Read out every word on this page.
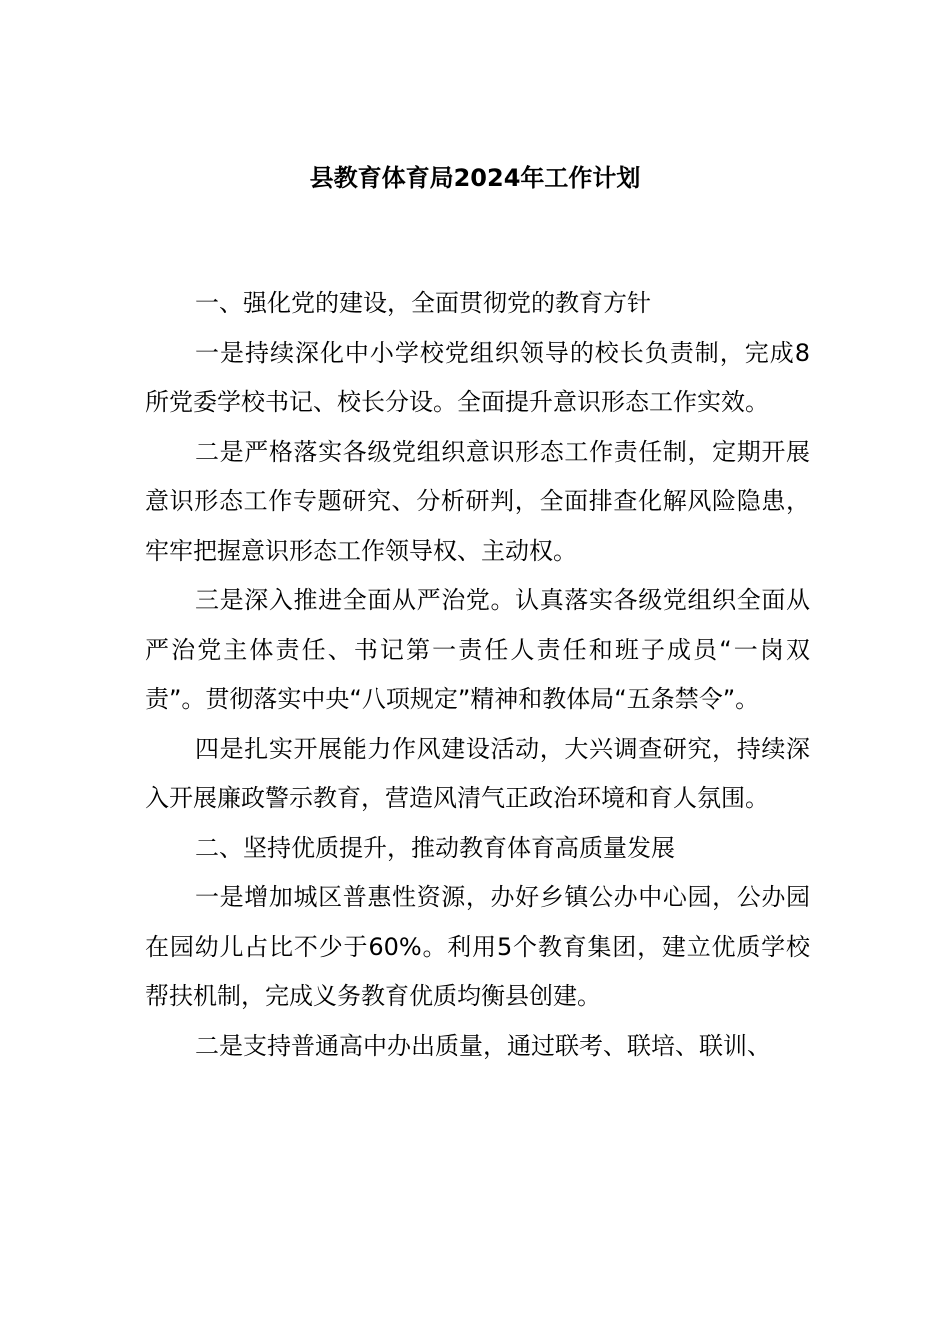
县教育体育局2024年工作计划

一、强化党的建设，全面贯彻党的教育方针

一是持续深化中小学校党组织领导的校长负责制，完成8所党委学校书记、校长分设。全面提升意识形态工作实效。

二是严格落实各级党组织意识形态工作责任制，定期开展意识形态工作专题研究、分析研判，全面排查化解风险隐患，牢牢把握意识形态工作领导权、主动权。

三是深入推进全面从严治党。认真落实各级党组织全面从严治党主体责任、书记第一责任人责任和班子成员“一岗双责”。贯彻落实中央“八项规定”精神和教体局“五条禁令”。

四是扎实开展能力作风建设活动，大兴调查研究，持续深入开展廉政警示教育，营造风清气正政治环境和育人氛围。

二、坚持优质提升，推动教育体育高质量发展

一是增加城区普惠性资源，办好乡镇公办中心园，公办园在园幼儿占比不少于60%。利用5个教育集团，建立优质学校帮扶机制，完成义务教育优质均衡县创建。

二是支持普通高中办出质量，通过联考、联培、联训、
